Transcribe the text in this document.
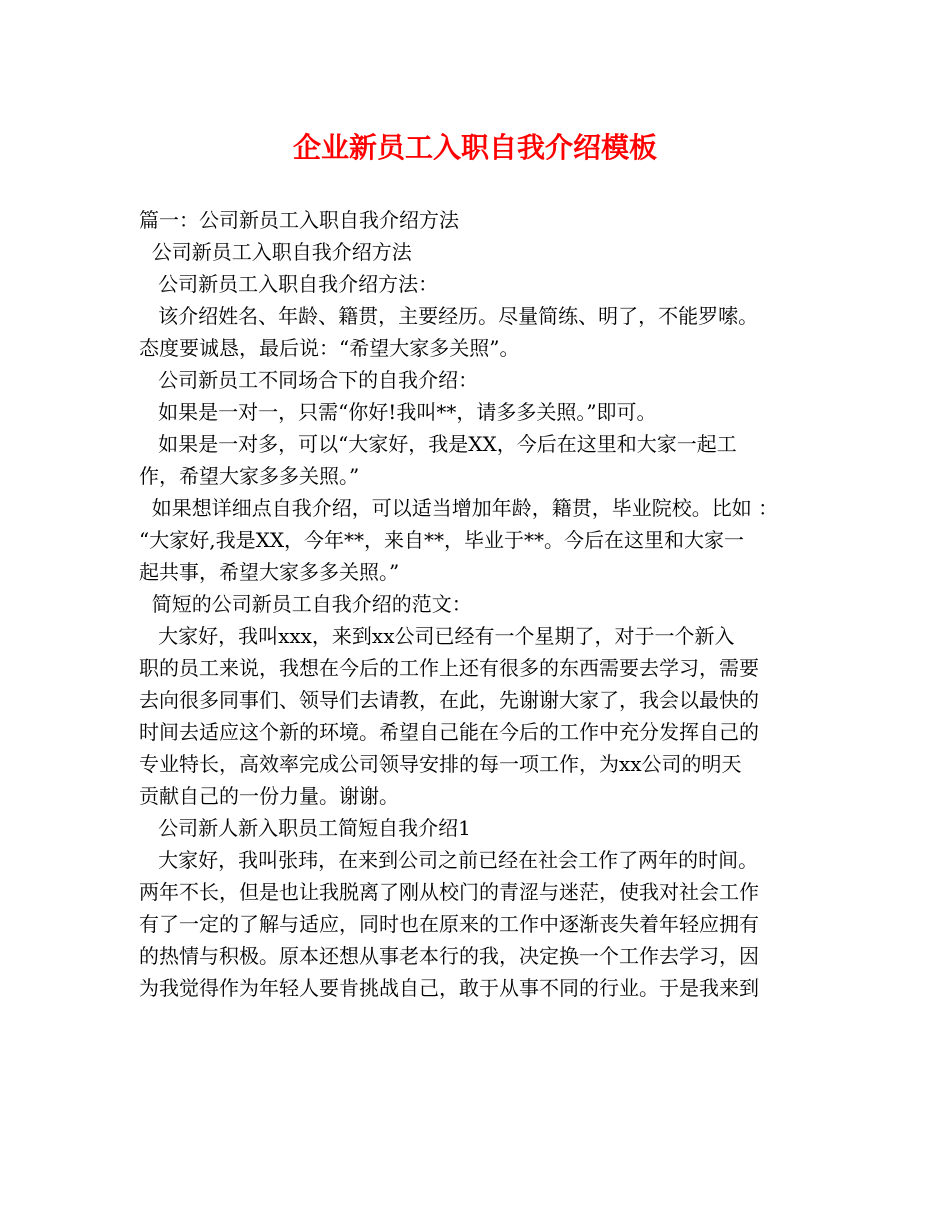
企业新员工入职自我介绍模板
篇一：公司新员工入职自我介绍方法
公司新员工入职自我介绍方法
公司新员工入职自我介绍方法：
该介绍姓名、年龄、籍贯，主要经历。尽量简练、明了，不能罗嗦。
态度要诚恳，最后说：“希望大家多关照”。
公司新员工不同场合下的自我介绍：
如果是一对一，只需“你好!我叫**，请多多关照。”即可。
如果是一对多，可以“大家好，我是XX，今后在这里和大家一起工
作，希望大家多多关照。”
如果想详细点自我介绍，可以适当增加年龄，籍贯，毕业院校。比如 ：
“大家好,我是XX，今年**，来自**，毕业于**。今后在这里和大家一
起共事，希望大家多多关照。”
简短的公司新员工自我介绍的范文：
大家好，我叫xxx，来到xx公司已经有一个星期了，对于一个新入
职的员工来说，我想在今后的工作上还有很多的东西需要去学习，需要
去向很多同事们、领导们去请教，在此，先谢谢大家了，我会以最快的
时间去适应这个新的环境。希望自己能在今后的工作中充分发挥自己的
专业特长，高效率完成公司领导安排的每一项工作，为xx公司的明天
贡献自己的一份力量。谢谢。
公司新人新入职员工简短自我介绍1
大家好，我叫张玮，在来到公司之前已经在社会工作了两年的时间。
两年不长，但是也让我脱离了刚从校门的青涩与迷茫，使我对社会工作
有了一定的了解与适应，同时也在原来的工作中逐渐丧失着年轻应拥有
的热情与积极。原本还想从事老本行的我，决定换一个工作去学习，因
为我觉得作为年轻人要肯挑战自己，敢于从事不同的行业。于是我来到
